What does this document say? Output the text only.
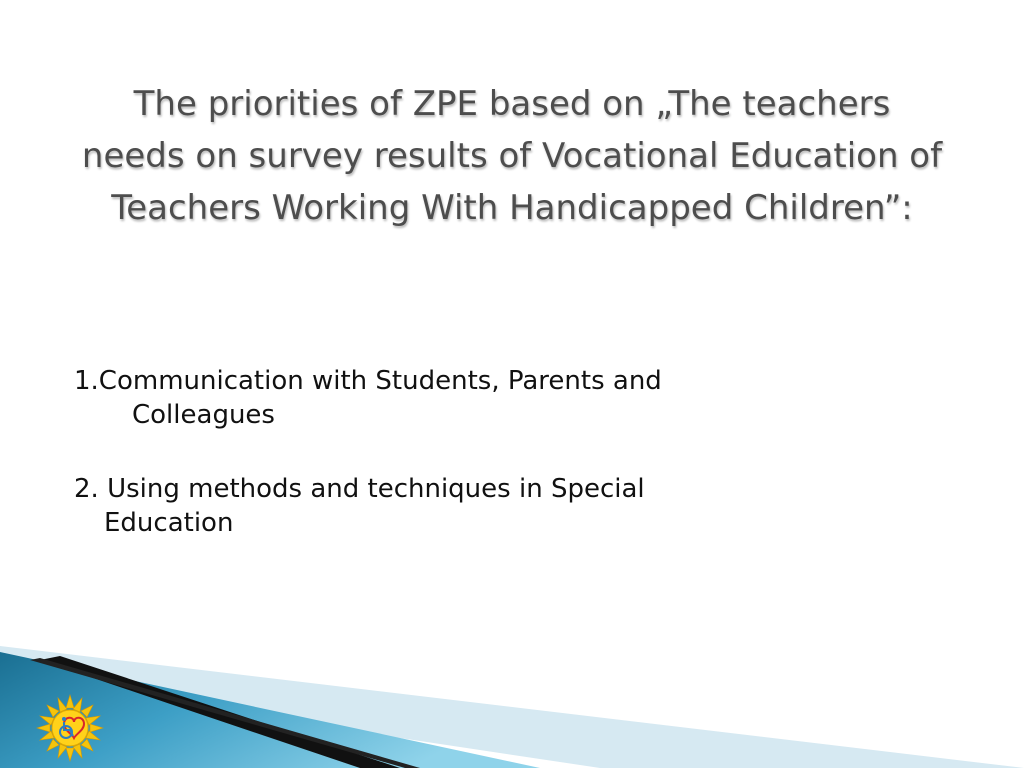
The priorities of ZPE based on „The teachers needs on survey results of Vocational Education of Teachers Working With Handicapped Children”:
1.Communication with Students, Parents and
Colleagues
2. Using methods and techniques in Special
Education
